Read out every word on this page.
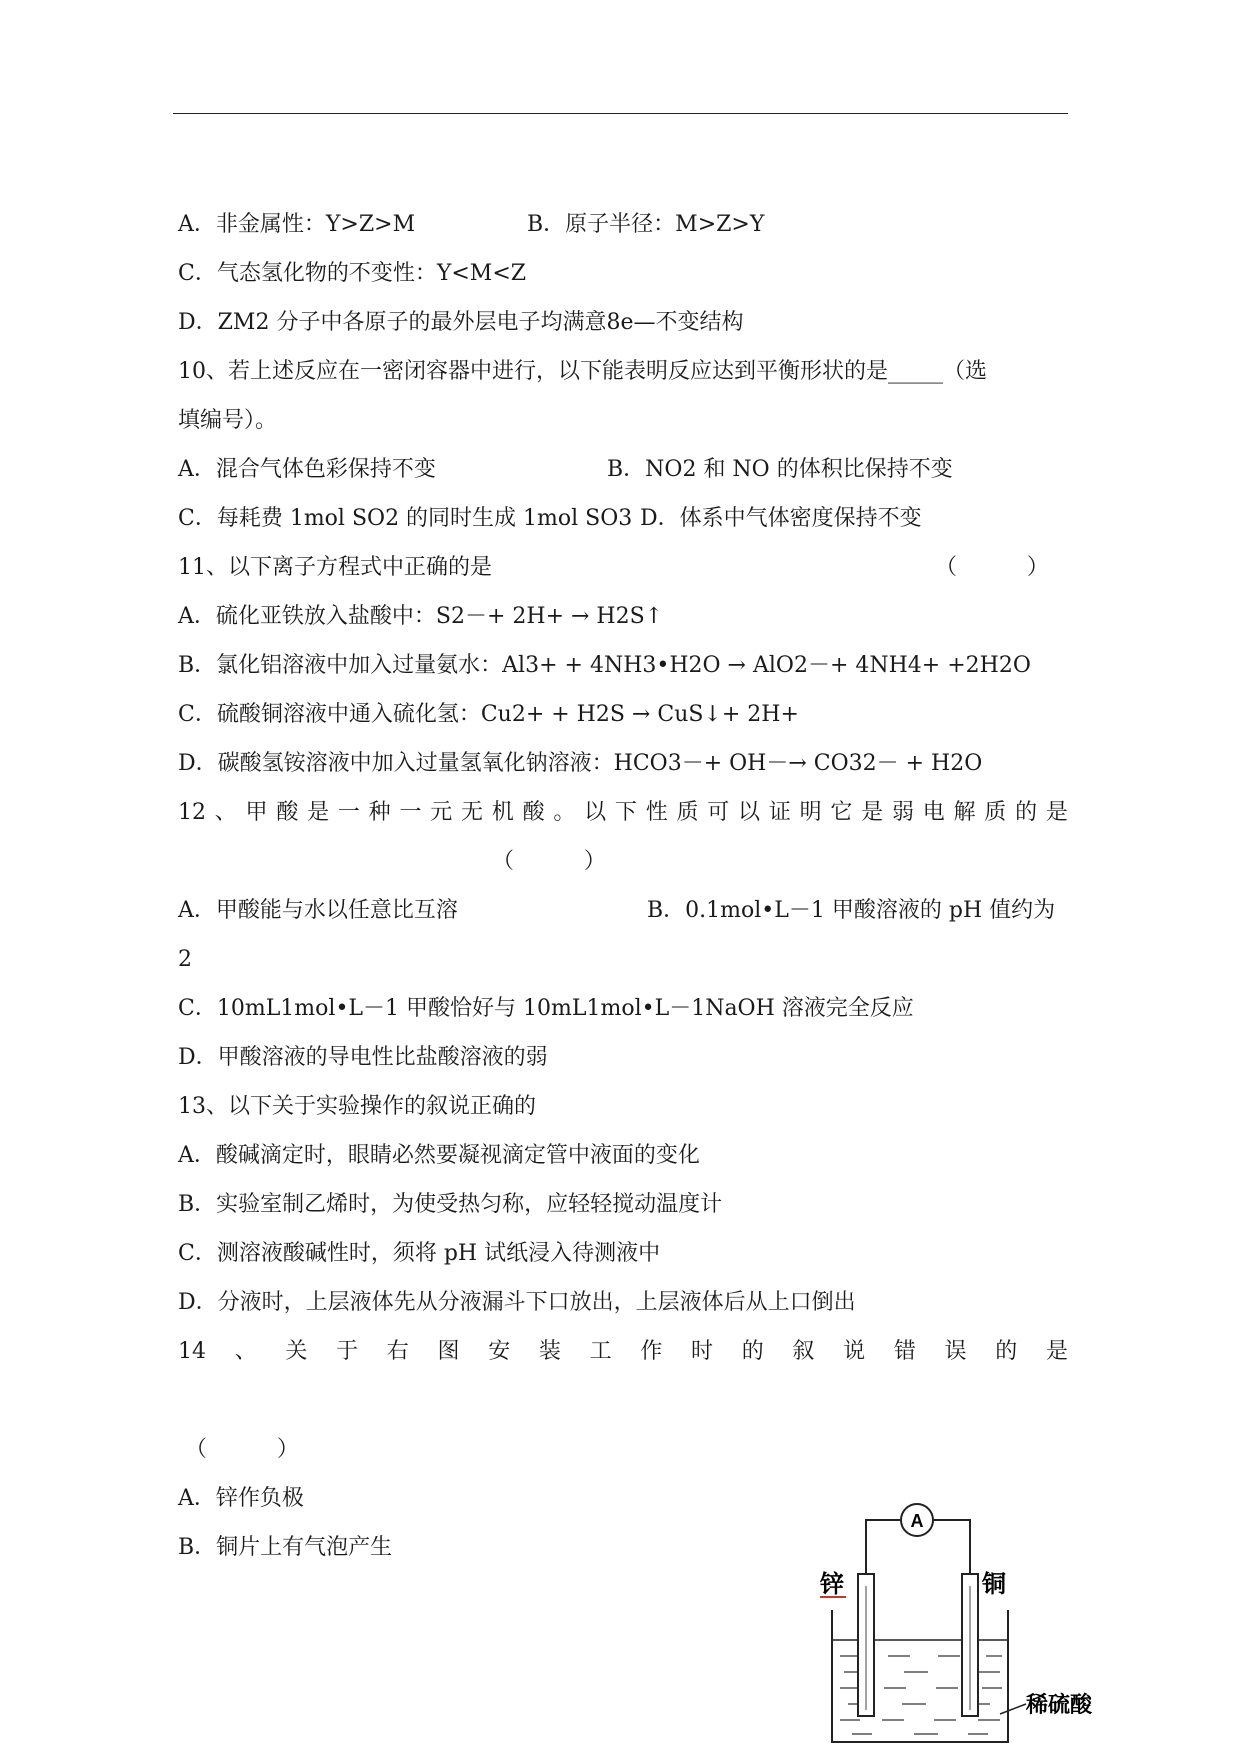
A．非金属性：Y>Z>M	B．原子半径：M>Z>Y
C．气态氢化物的不变性：Y<M<Z
D．ZM2 分子中各原子的最外层电子均满意8e—不变结构
10、若上述反应在一密闭容器中进行，以下能表明反应达到平衡形状的是_____（选
填编号）。
A．混合气体色彩保持不变	B．NO2 和 NO 的体积比保持不变
C．每耗费 1mol SO2 的同时生成 1mol SO3 D．体系中气体密度保持不变
11、以下离子方程式中正确的是	（          ）
A．硫化亚铁放入盐酸中：S2－+ 2H+ → H2S↑
B．氯化铝溶液中加入过量氨水：Al3+ + 4NH3•H2O → AlO2－+ 4NH4+ +2H2O
C．硫酸铜溶液中通入硫化氢：Cu2+ + H2S → CuS↓+ 2H+
D．碳酸氢铵溶液中加入过量氢氧化钠溶液：HCO3－+ OH－→ CO32－ + H2O
12 、 甲 酸 是 一 种 一 元 无 机 酸 。 以 下 性 质 可 以 证 明 它 是 弱 电 解 质 的 是
（          ）
A．甲酸能与水以任意比互溶	B．0.1mol•L－1 甲酸溶液的 pH 值约为
2
C．10mL1mol•L－1 甲酸恰好与 10mL1mol•L－1NaOH 溶液完全反应
D．甲酸溶液的导电性比盐酸溶液的弱
13、以下关于实验操作的叙说正确的
A．酸碱滴定时，眼睛必然要凝视滴定管中液面的变化
B．实验室制乙烯时，为使受热匀称，应轻轻搅动温度计
C．测溶液酸碱性时，须将 pH 试纸浸入待测液中
D．分液时，上层液体先从分液漏斗下口放出，上层液体后从上口倒出
14 、 关 于 右 图 安 装 工 作 时 的 叙 说 错 误 的 是
（          ）
A．锌作负极
B．铜片上有气泡产生
A
锌	铜
稀硫酸
